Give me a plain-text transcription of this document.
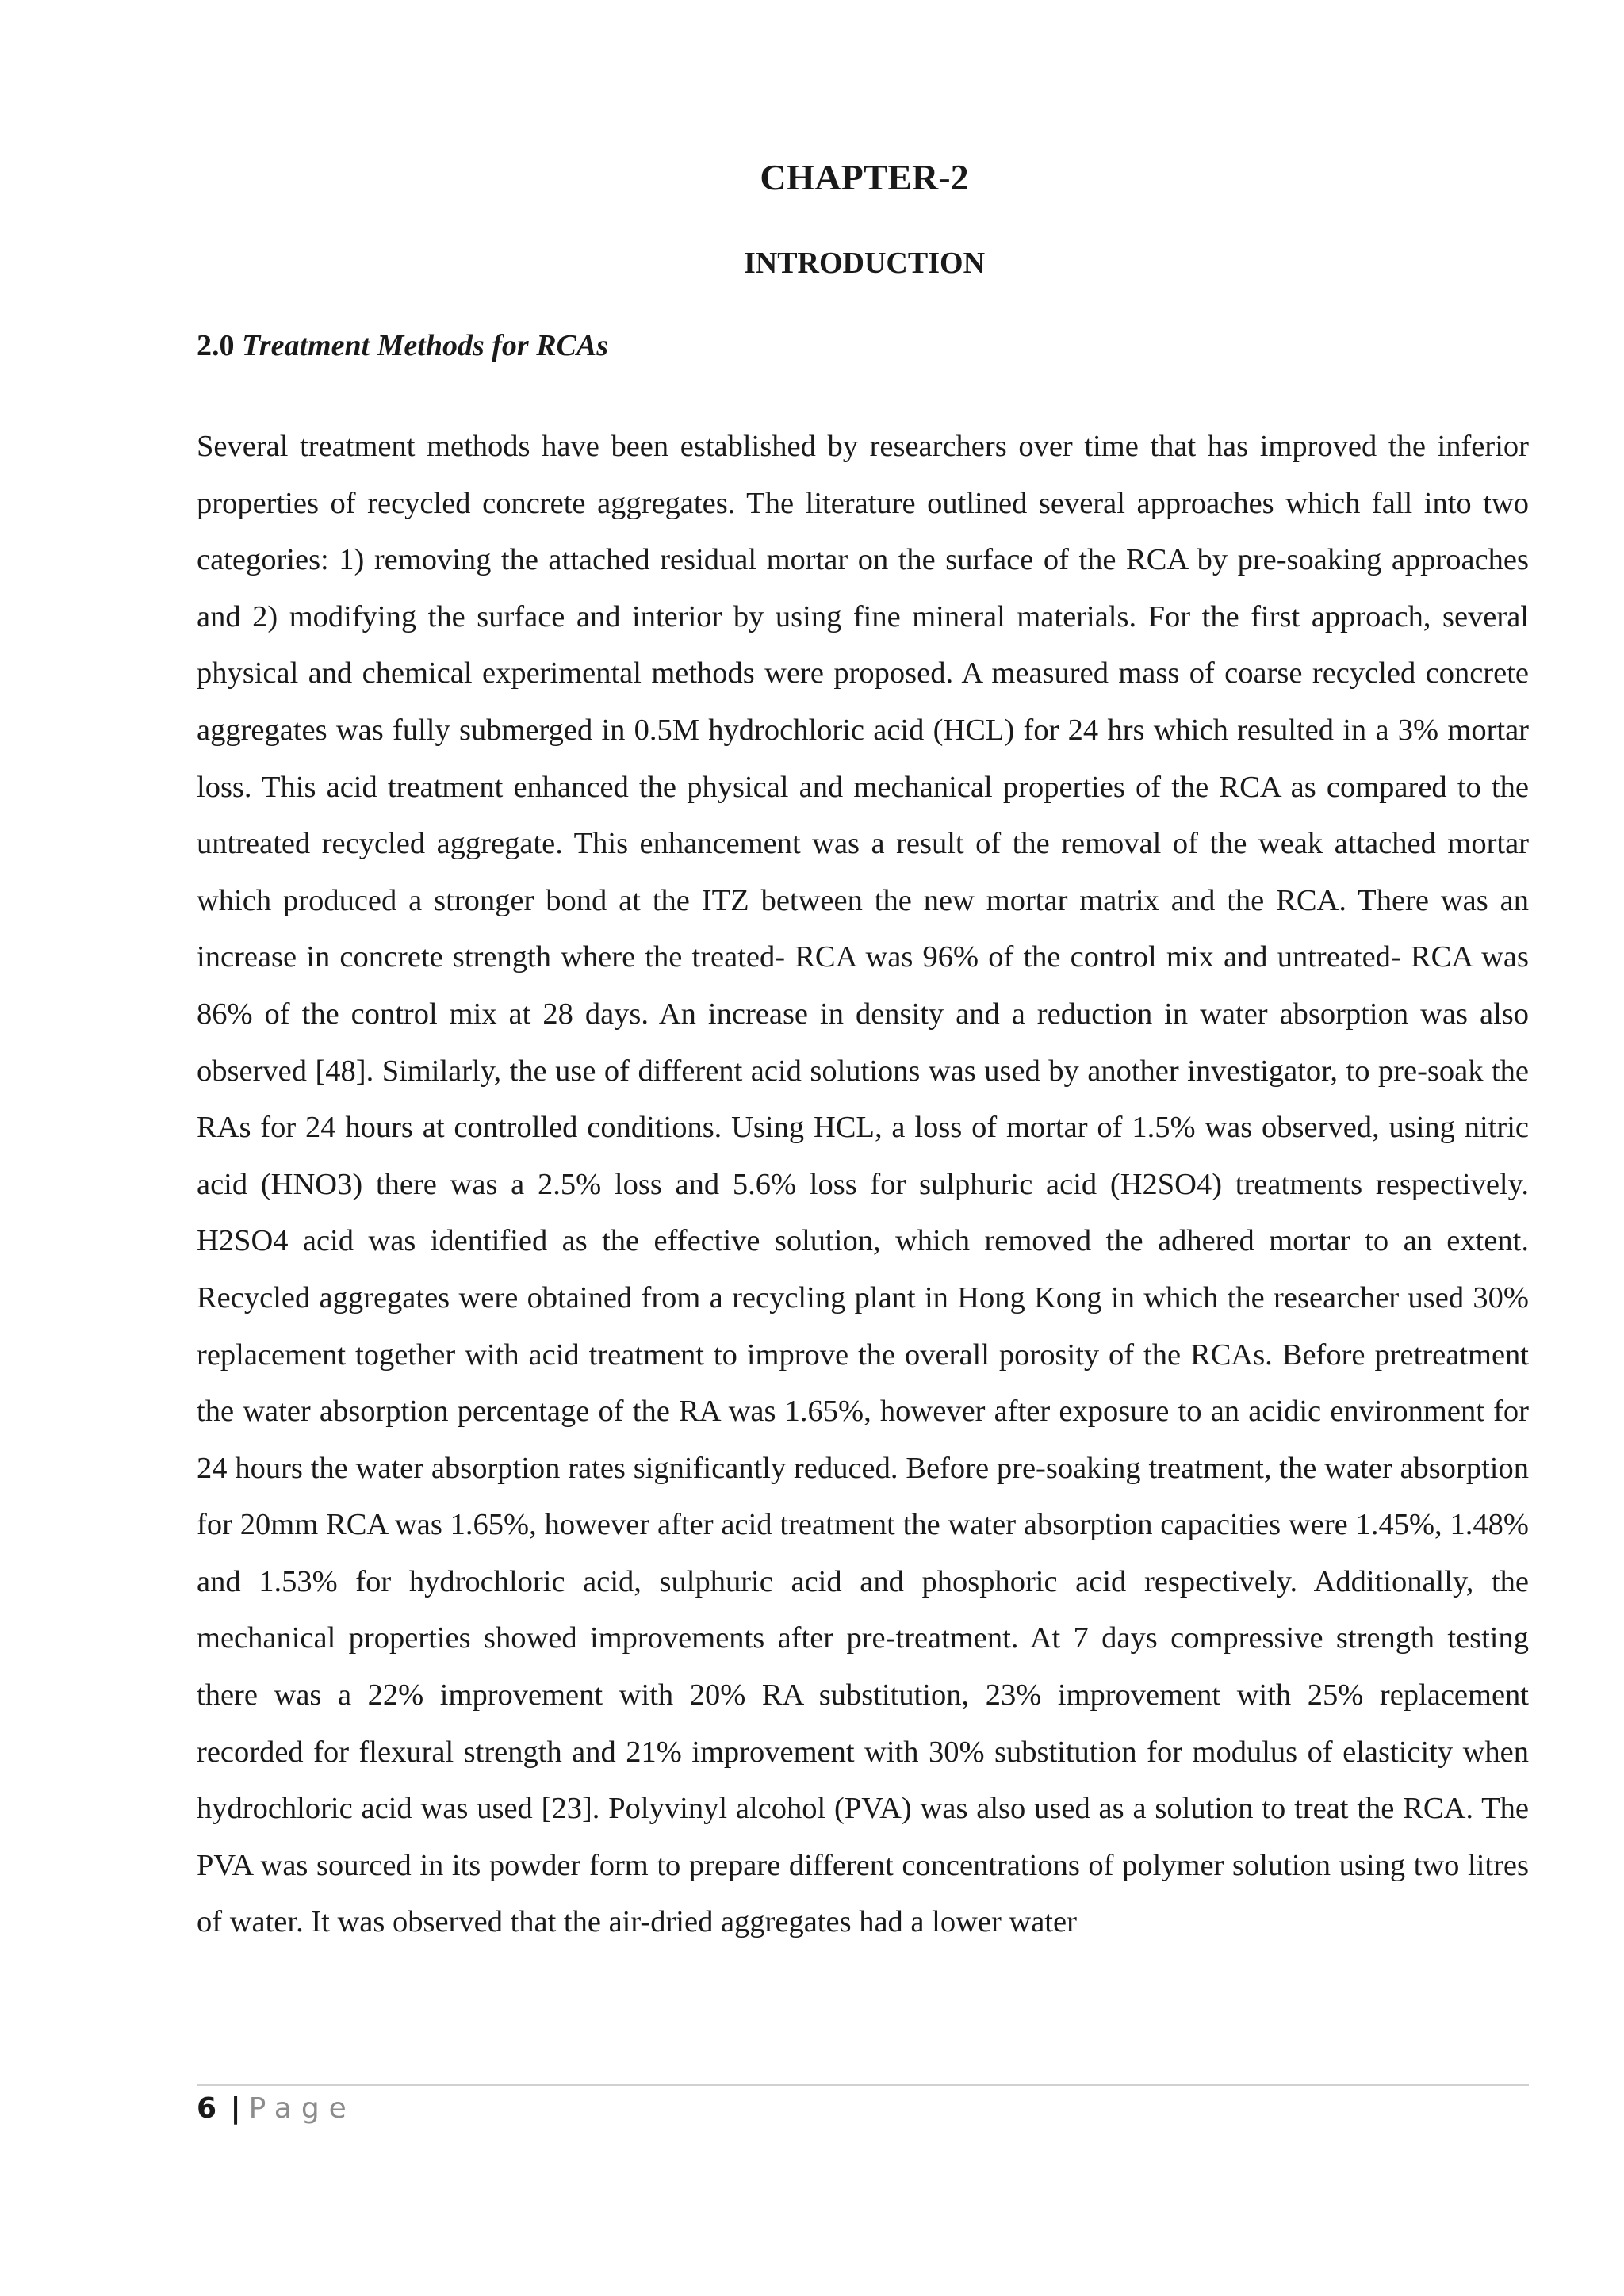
CHAPTER-2
INTRODUCTION
2.0 Treatment Methods for RCAs

Several treatment methods have been established by researchers over time that has improved the inferior properties of recycled concrete aggregates. The literature outlined several approaches which fall into two categories: 1) removing the attached residual mortar on the surface of the RCA by pre-soaking approaches and 2) modifying the surface and interior by using fine mineral materials. For the first approach, several physical and chemical experimental methods were proposed. A measured mass of coarse recycled concrete aggregates was fully submerged in 0.5M hydrochloric acid (HCL) for 24 hrs which resulted in a 3% mortar loss. This acid treatment enhanced the physical and mechanical properties of the RCA as compared to the untreated recycled aggregate. This enhancement was a result of the removal of the weak attached mortar which produced a stronger bond at the ITZ between the new mortar matrix and the RCA. There was an increase in concrete strength where the treated- RCA was 96% of the control mix and untreated- RCA was 86% of the control mix at 28 days. An increase in density and a reduction in water absorption was also observed [48]. Similarly, the use of different acid solutions was used by another investigator, to pre-soak the RAs for 24 hours at controlled conditions. Using HCL, a loss of mortar of 1.5% was observed, using nitric acid (HNO3) there was a 2.5% loss and 5.6% loss for sulphuric acid (H2SO4) treatments respectively. H2SO4 acid was identified as the effective solution, which removed the adhered mortar to an extent. Recycled aggregates were obtained from a recycling plant in Hong Kong in which the researcher used 30% replacement together with acid treatment to improve the overall porosity of the RCAs. Before pretreatment the water absorption percentage of the RA was 1.65%, however after exposure to an acidic environment for 24 hours the water absorption rates significantly reduced. Before pre-soaking treatment, the water absorption for 20mm RCA was 1.65%, however after acid treatment the water absorption capacities were 1.45%, 1.48% and 1.53% for hydrochloric acid, sulphuric acid and phosphoric acid respectively. Additionally, the mechanical properties showed improvements after pre-treatment. At 7 days compressive strength testing there was a 22% improvement with 20% RA substitution, 23% improvement with 25% replacement recorded for flexural strength and 21% improvement with 30% substitution for modulus of elasticity when hydrochloric acid was used [23]. Polyvinyl alcohol (PVA) was also used as a solution to treat the RCA. The PVA was sourced in its powder form to prepare different concentrations of polymer solution using two litres of water. It was observed that the air-dried aggregates had a lower water

6 | Page
